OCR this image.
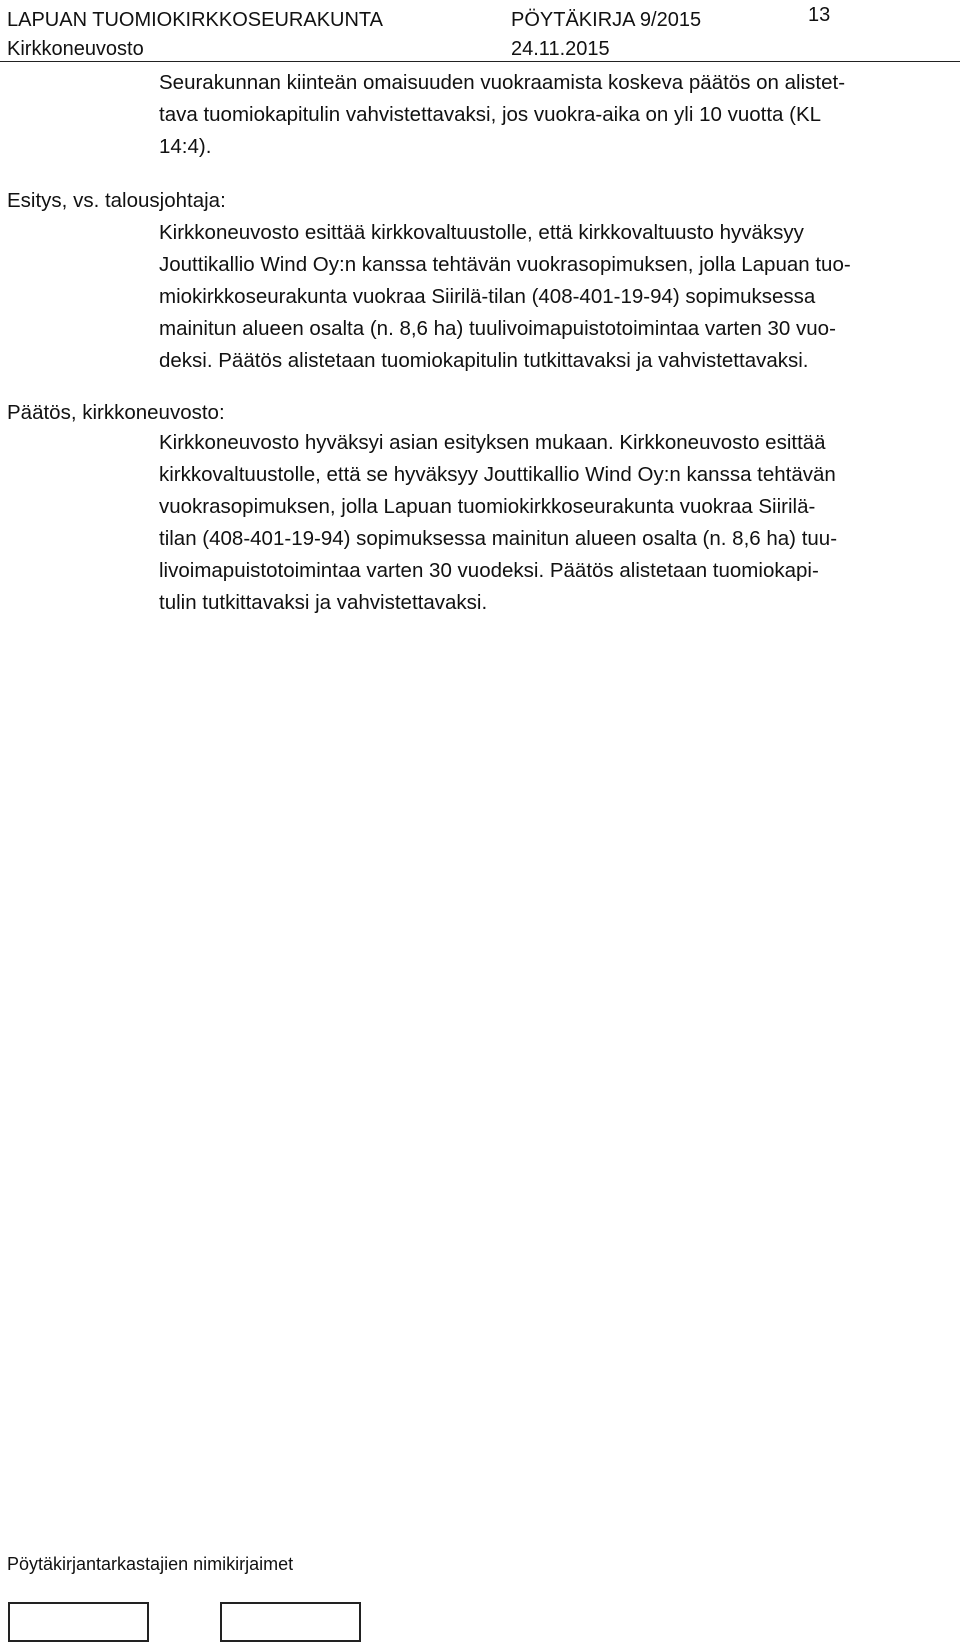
LAPUAN TUOMIOKIRKKOSEURAKUNTA
Kirkkoneuvosto
PÖYTÄKIRJA 9/2015
24.11.2015
13
Seurakunnan kiinteän omaisuuden vuokraamista koskeva päätös on alistet-
tava tuomiokapitulin vahvistettavaksi, jos vuokra-aika on yli 10 vuotta (KL
14:4).
Esitys, vs. talousjohtaja:
Kirkkoneuvosto esittää kirkkovaltuustolle, että kirkkovaltuusto hyväksyy
Jouttikallio Wind Oy:n kanssa tehtävän vuokrasopimuksen, jolla Lapuan tuo-
miokirkkoseurakunta vuokraa Siirilä-tilan (408-401-19-94) sopimuksessa
mainitun alueen osalta (n. 8,6 ha) tuulivoimapuistotoimintaa varten 30 vuo-
deksi. Päätös alistetaan tuomiokapitulin tutkittavaksi ja vahvistettavaksi.
Päätös, kirkkoneuvosto:
Kirkkoneuvosto hyväksyi asian esityksen mukaan. Kirkkoneuvosto esittää
kirkkovaltuustolle, että se hyväksyy Jouttikallio Wind Oy:n kanssa tehtävän
vuokrasopimuksen, jolla Lapuan tuomiokirkkoseurakunta vuokraa Siirilä-
tilan (408-401-19-94) sopimuksessa mainitun alueen osalta (n. 8,6 ha) tuu-
livoimapuistotoimintaa varten 30 vuodeksi. Päätös alistetaan tuomiokapi-
tulin tutkittavaksi ja vahvistettavaksi.
Pöytäkirjantarkastajien nimikirjaimet
